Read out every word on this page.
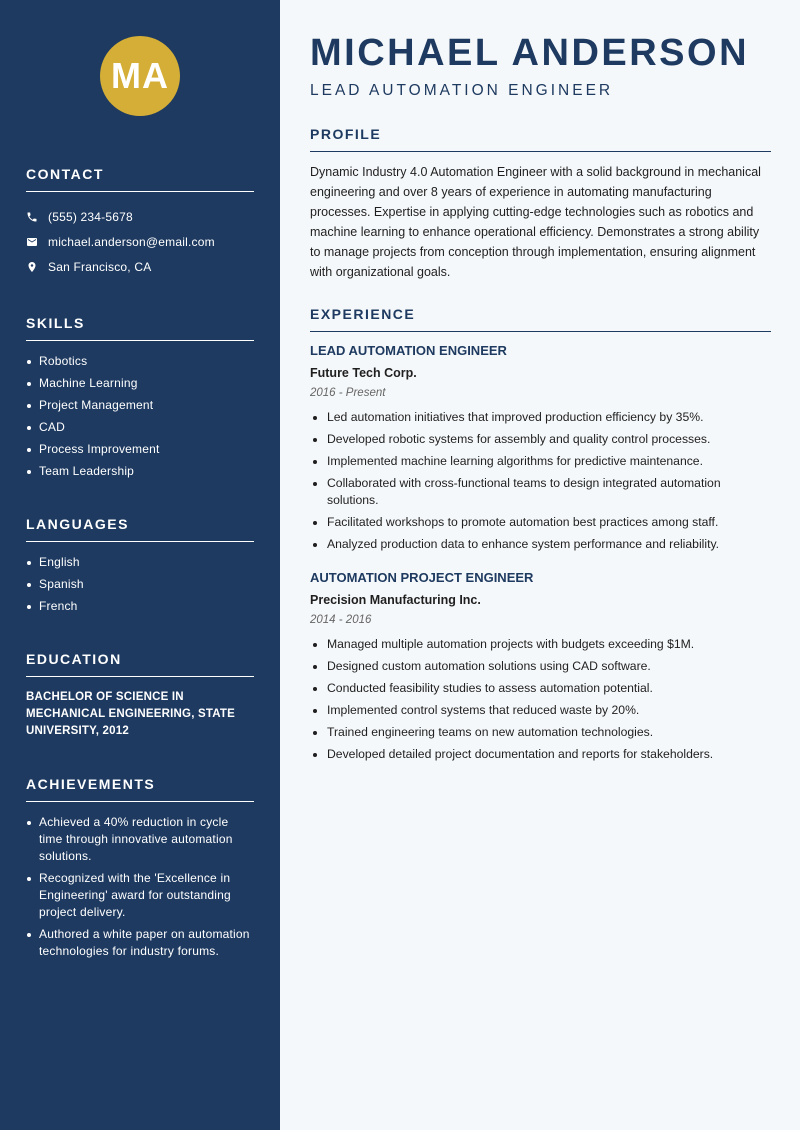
MA
CONTACT
(555) 234-5678
michael.anderson@email.com
San Francisco, CA
SKILLS
Robotics
Machine Learning
Project Management
CAD
Process Improvement
Team Leadership
LANGUAGES
English
Spanish
French
EDUCATION
BACHELOR OF SCIENCE IN MECHANICAL ENGINEERING, STATE UNIVERSITY, 2012
ACHIEVEMENTS
Achieved a 40% reduction in cycle time through innovative automation solutions.
Recognized with the 'Excellence in Engineering' award for outstanding project delivery.
Authored a white paper on automation technologies for industry forums.
MICHAEL ANDERSON
LEAD AUTOMATION ENGINEER
PROFILE

Dynamic Industry 4.0 Automation Engineer with a solid background in mechanical engineering and over 8 years of experience in automating manufacturing processes. Expertise in applying cutting-edge technologies such as robotics and machine learning to enhance operational efficiency. Demonstrates a strong ability to manage projects from conception through implementation, ensuring alignment with organizational goals.

EXPERIENCE
LEAD AUTOMATION ENGINEER
Future Tech Corp.
2016 - Present
Led automation initiatives that improved production efficiency by 35%.
Developed robotic systems for assembly and quality control processes.
Implemented machine learning algorithms for predictive maintenance.
Collaborated with cross-functional teams to design integrated automation solutions.
Facilitated workshops to promote automation best practices among staff.
Analyzed production data to enhance system performance and reliability.
AUTOMATION PROJECT ENGINEER
Precision Manufacturing Inc.
2014 - 2016
Managed multiple automation projects with budgets exceeding $1M.
Designed custom automation solutions using CAD software.
Conducted feasibility studies to assess automation potential.
Implemented control systems that reduced waste by 20%.
Trained engineering teams on new automation technologies.
Developed detailed project documentation and reports for stakeholders.
